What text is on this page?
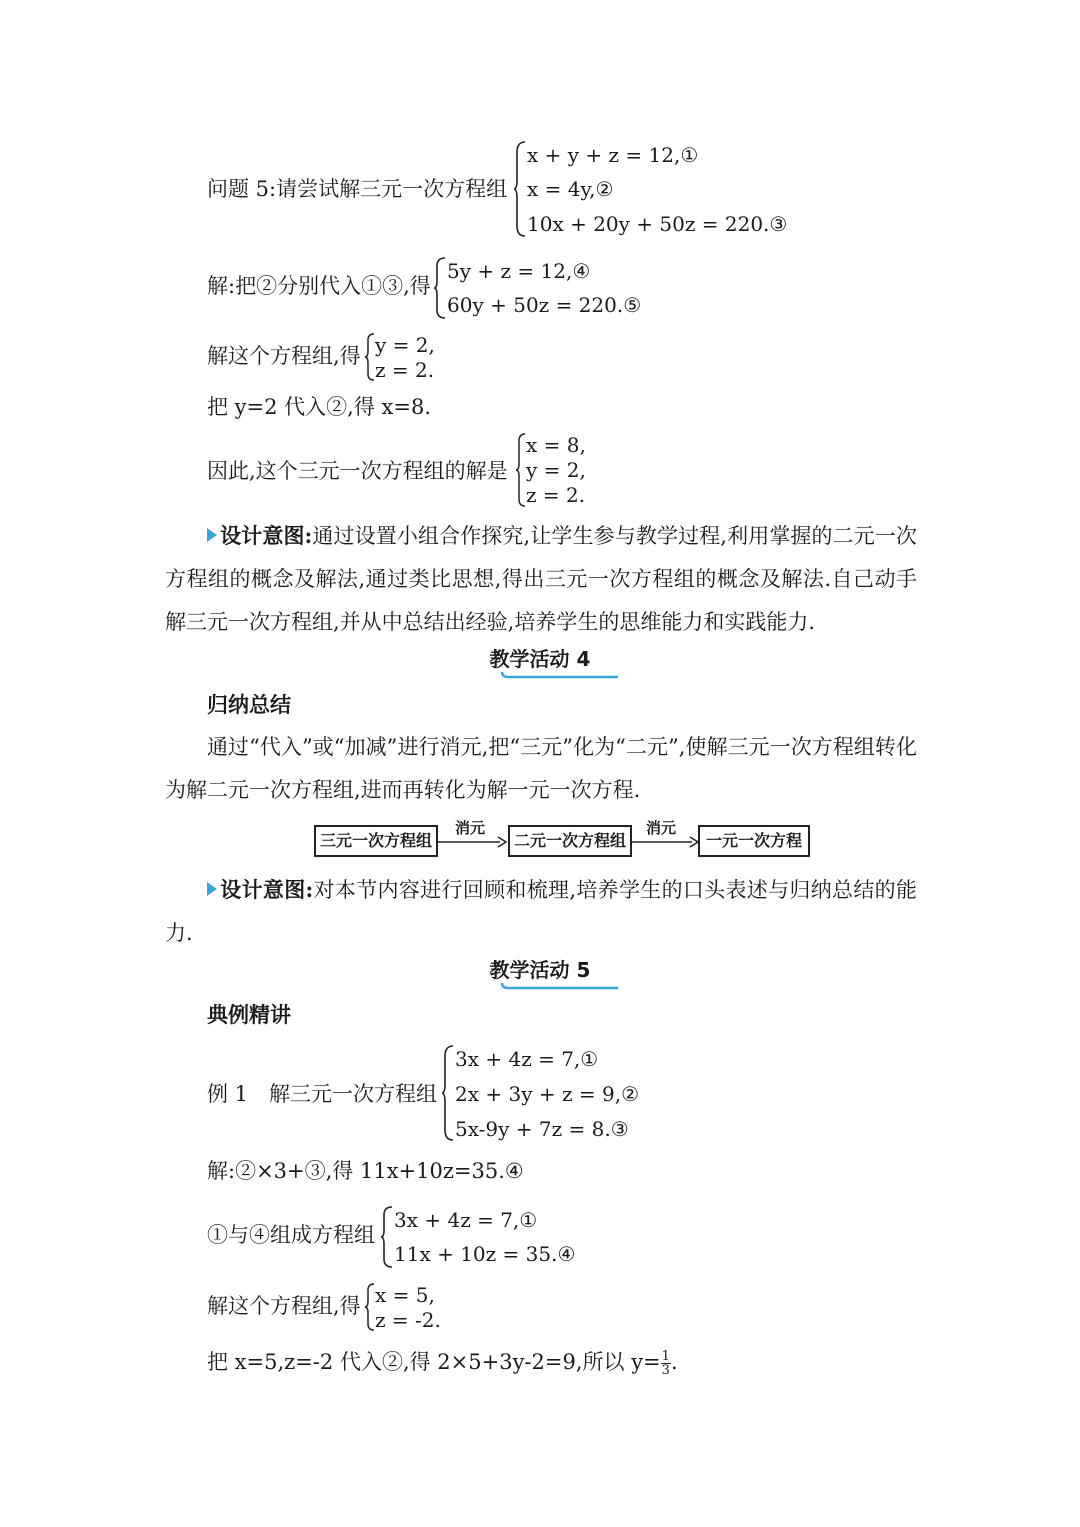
问题 5:请尝试解三元一次方程组
x + y + z = 12,①
x = 4y,②
10x + 20y + 50z = 220.③
解:把②分别代入①③,得
5y + z = 12,④
60y + 50z = 220.⑤
解这个方程组,得 y = 2,
z = 2.
把 y=2 代入②,得 x=8.
因此,这个三元一次方程组的解是
x = 8,
y = 2,
z = 2.
设计意图:通过设置小组合作探究,让学生参与教学过程,利用掌握的二元一次方程组的概念及解法,通过类比思想,得出三元一次方程组的概念及解法.自己动手解三元一次方程组,并从中总结出经验,培养学生的思维能力和实践能力.
教学活动 4
归纳总结
通过“代入”或“加减”进行消元,把“三元”化为“二元”,使解三元一次方程组转化为解二元一次方程组,进而再转化为解一元一次方程.
三元一次方程组
消元
二元一次方程组
消元
一元一次方程
设计意图:对本节内容进行回顾和梳理,培养学生的口头表述与归纳总结的能力.
教学活动 5
典例精讲
例 1　解三元一次方程组
3x + 4z = 7,①
2x + 3y + z = 9,②
5x-9y + 7z = 8.③
解:②×3+③,得 11x+10z=35.④
①与④组成方程组
3x + 4z = 7,①
11x + 10z = 35.④
解这个方程组,得 x = 5,
z = -2.
把 x=5,z=-2 代入②,得 2×5+3y-2=9,所以 $y= \frac{1}{3}$ .
